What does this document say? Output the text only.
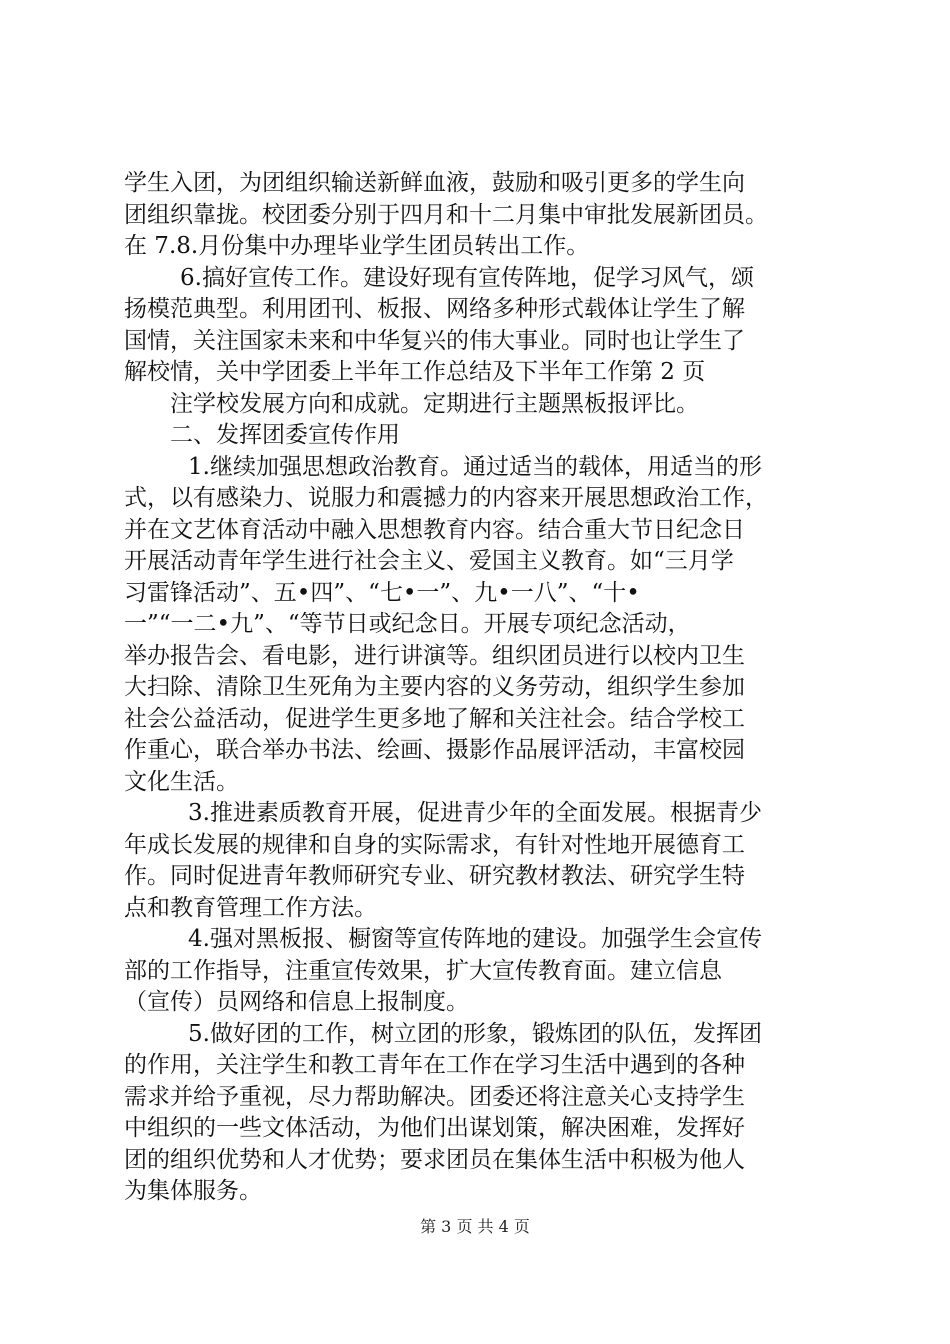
学生入团，为团组织输送新鲜血液，鼓励和吸引更多的学生向
团组织靠拢。校团委分别于四月和十二月集中审批发展新团员。
在 7.8.月份集中办理毕业学生团员转出工作。
6.搞好宣传工作。建设好现有宣传阵地，促学习风气，颂
扬模范典型。利用团刊、板报、网络多种形式载体让学生了解
国情，关注国家未来和中华复兴的伟大事业。同时也让学生了
解校情，关中学团委上半年工作总结及下半年工作第 2 页
注学校发展方向和成就。定期进行主题黑板报评比。
二、发挥团委宣传作用
1.继续加强思想政治教育。通过适当的载体，用适当的形
式，以有感染力、说服力和震撼力的内容来开展思想政治工作，
并在文艺体育活动中融入思想教育内容。结合重大节日纪念日
开展活动青年学生进行社会主义、爱国主义教育。如“三月学
习雷锋活动”、五•四”、“七•一”、九•一八”、“十•
一”“一二•九”、“等节日或纪念日。开展专项纪念活动，
举办报告会、看电影，进行讲演等。组织团员进行以校内卫生
大扫除、清除卫生死角为主要内容的义务劳动，组织学生参加
社会公益活动，促进学生更多地了解和关注社会。结合学校工
作重心，联合举办书法、绘画、摄影作品展评活动，丰富校园
文化生活。
3.推进素质教育开展，促进青少年的全面发展。根据青少
年成长发展的规律和自身的实际需求，有针对性地开展德育工
作。同时促进青年教师研究专业、研究教材教法、研究学生特
点和教育管理工作方法。
4.强对黑板报、橱窗等宣传阵地的建设。加强学生会宣传
部的工作指导，注重宣传效果，扩大宣传教育面。建立信息
（宣传）员网络和信息上报制度。
5.做好团的工作，树立团的形象，锻炼团的队伍，发挥团
的作用，关注学生和教工青年在工作在学习生活中遇到的各种
需求并给予重视，尽力帮助解决。团委还将注意关心支持学生
中组织的一些文体活动，为他们出谋划策，解决困难，发挥好
团的组织优势和人才优势；要求团员在集体生活中积极为他人
为集体服务。
第 3 页 共 4 页
